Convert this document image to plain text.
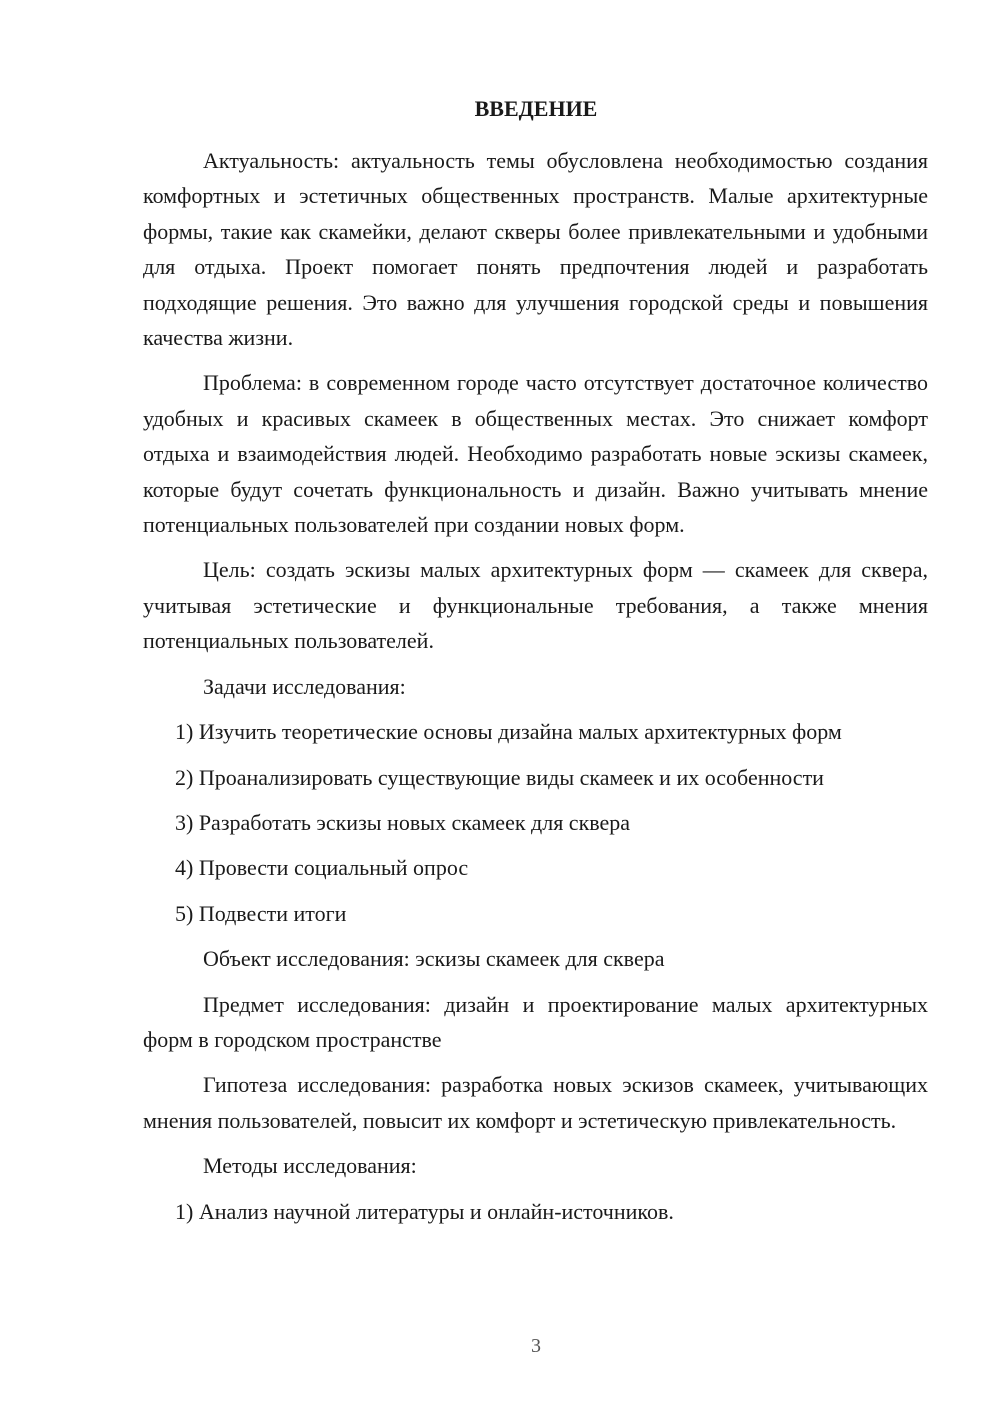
ВВЕДЕНИЕ

Актуальность: актуальность темы обусловлена необходимостью создания комфортных и эстетичных общественных пространств. Малые архитектурные формы, такие как скамейки, делают скверы более привлекательными и удобными для отдыха. Проект помогает понять предпочтения людей и разработать подходящие решения. Это важно для улучшения городской среды и повышения качества жизни.

Проблема: в современном городе часто отсутствует достаточное количество удобных и красивых скамеек в общественных местах. Это снижает комфорт отдыха и взаимодействия людей. Необходимо разработать новые эскизы скамеек, которые будут сочетать функциональность и дизайн. Важно учитывать мнение потенциальных пользователей при создании новых форм.

Цель: создать эскизы малых архитектурных форм — скамеек для сквера, учитывая эстетические и функциональные требования, а также мнения потенциальных пользователей.

Задачи исследования:

1) Изучить теоретические основы дизайна малых архитектурных форм
2) Проанализировать существующие виды скамеек и их особенности
3) Разработать эскизы новых скамеек для сквера
4) Провести социальный опрос
5) Подвести итоги

Объект исследования: эскизы скамеек для сквера

Предмет исследования: дизайн и проектирование малых архитектурных форм в городском пространстве

Гипотеза исследования: разработка новых эскизов скамеек, учитывающих мнения пользователей, повысит их комфорт и эстетическую привлекательность.

Методы исследования:

1) Анализ научной литературы и онлайн-источников.
3
